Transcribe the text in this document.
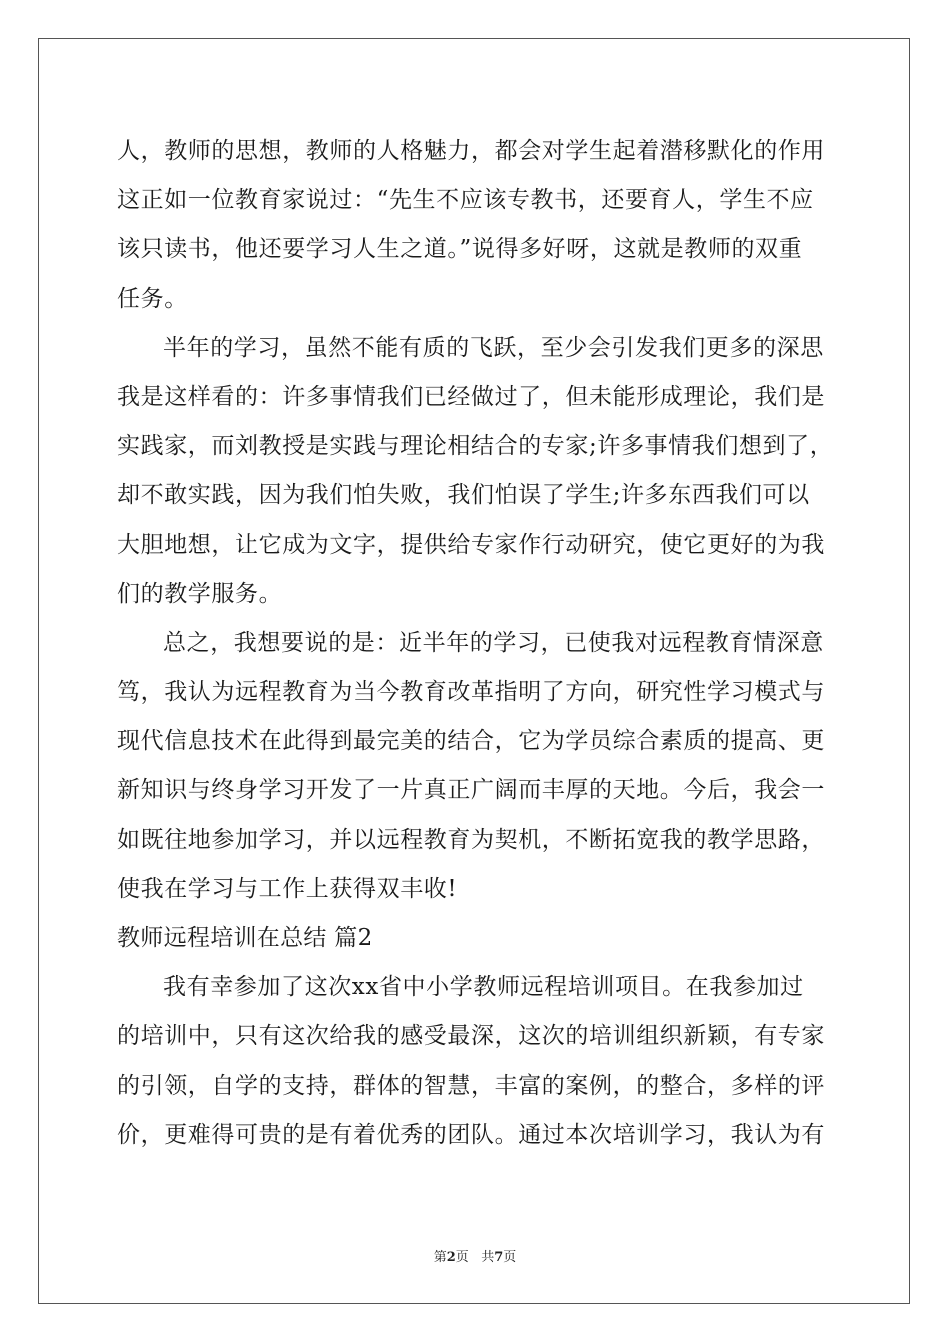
人，教师的思想，教师的人格魅力，都会对学生起着潜移默化的作用
这正如一位教育家说过：“先生不应该专教书，还要育人，学生不应
该只读书，他还要学习人生之道。”说得多好呀，这就是教师的双重
任务。
半年的学习，虽然不能有质的飞跃，至少会引发我们更多的深思
我是这样看的：许多事情我们已经做过了，但未能形成理论，我们是
实践家，而刘教授是实践与理论相结合的专家;许多事情我们想到了，
却不敢实践，因为我们怕失败，我们怕误了学生;许多东西我们可以
大胆地想，让它成为文字，提供给专家作行动研究，使它更好的为我
们的教学服务。
总之，我想要说的是：近半年的学习，已使我对远程教育情深意
笃，我认为远程教育为当今教育改革指明了方向，研究性学习模式与
现代信息技术在此得到最完美的结合，它为学员综合素质的提高、更
新知识与终身学习开发了一片真正广阔而丰厚的天地。今后，我会一
如既往地参加学习，并以远程教育为契机，不断拓宽我的教学思路，
使我在学习与工作上获得双丰收!
教师远程培训在总结 篇2
我有幸参加了这次xx省中小学教师远程培训项目。在我参加过
的培训中，只有这次给我的感受最深，这次的培训组织新颖，有专家
的引领，自学的支持，群体的智慧，丰富的案例，的整合，多样的评
价，更难得可贵的是有着优秀的团队。通过本次培训学习，我认为有
第2页 共7页
